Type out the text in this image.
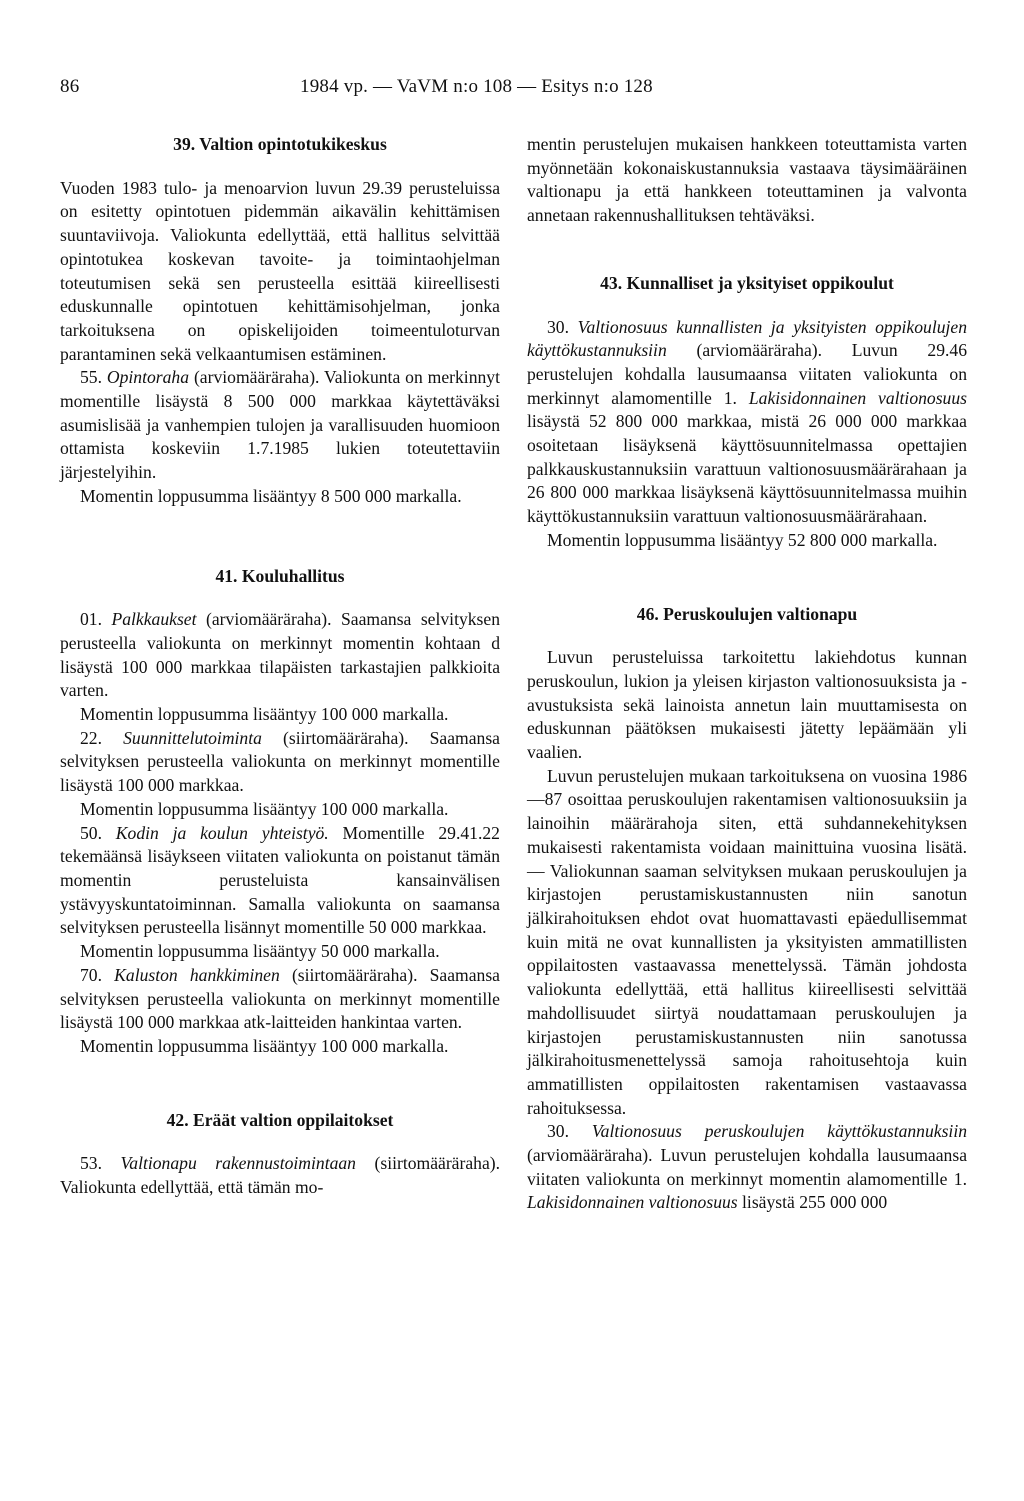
86	1984 vp. — VaVM n:o 108 — Esitys n:o 128
39. Valtion opintotukikeskus

Vuoden 1983 tulo- ja menoarvion luvun 29.39 perusteluissa on esitetty opintotuen pidemmän aikavälin kehittämisen suuntaviivoja. Valiokunta edellyttää, että hallitus selvittää opintotukea koskevan tavoite- ja toimintaohjelman toteutumisen sekä sen perusteella esittää kiireellisesti eduskunnalle opintotuen kehittämisohjelman, jonka tarkoituksena on opiskelijoiden toimeentuloturvan parantaminen sekä velkaantumisen estäminen.

55. Opintoraha (arviomääräraha). Valiokunta on merkinnyt momentille lisäystä 8 500 000 markkaa käytettäväksi asumislisää ja vanhempien tulojen ja varallisuuden huomioon ottamista koskeviin 1.7.1985 lukien toteutettaviin järjestelyihin.

Momentin loppusumma lisääntyy 8 500 000 markalla.

41. Kouluhallitus

01. Palkkaukset (arviomääräraha). Saamansa selvityksen perusteella valiokunta on merkinnyt momentin kohtaan d lisäystä 100 000 markkaa tilapäisten tarkastajien palkkioita varten.

Momentin loppusumma lisääntyy 100 000 markalla.

22. Suunnittelutoiminta (siirtomääräraha). Saamansa selvityksen perusteella valiokunta on merkinnyt momentille lisäystä 100 000 markkaa.

Momentin loppusumma lisääntyy 100 000 markalla.

50. Kodin ja koulun yhteistyö. Momentille 29.41.22 tekemäänsä lisäykseen viitaten valiokunta on poistanut tämän momentin perusteluista kansainvälisen ystävyyskuntatoiminnan. Samalla valiokunta on saamansa selvityksen perusteella lisännyt momentille 50 000 markkaa.

Momentin loppusumma lisääntyy 50 000 markalla.

70. Kaluston hankkiminen (siirtomääräraha). Saamansa selvityksen perusteella valiokunta on merkinnyt momentille lisäystä 100 000 markkaa atk-laitteiden hankintaa varten.

Momentin loppusumma lisääntyy 100 000 markalla.

42. Eräät valtion oppilaitokset

53. Valtionapu rakennustoimintaan (siirtomääräraha). Valiokunta edellyttää, että tämän mo-

mentin perustelujen mukaisen hankkeen toteuttamista varten myönnetään kokonaiskustannuksia vastaava täysimääräinen valtionapu ja että hankkeen toteuttaminen ja valvonta annetaan rakennushallituksen tehtäväksi.

43. Kunnalliset ja yksityiset oppikoulut

30. Valtionosuus kunnallisten ja yksityisten oppikoulujen käyttökustannuksiin (arviomääräraha). Luvun 29.46 perustelujen kohdalla lausumaansa viitaten valiokunta on merkinnyt alamomentille 1. Lakisidonnainen valtionosuus lisäystä 52 800 000 markkaa, mistä 26 000 000 markkaa osoitetaan lisäyksenä käyttösuunnitelmassa opettajien palkkauskustannuksiin varattuun valtionosuusmäärärahaan ja 26 800 000 markkaa lisäyksenä käyttösuunnitelmassa muihin käyttökustannuksiin varattuun valtionosuusmäärärahaan.

Momentin loppusumma lisääntyy 52 800 000 markalla.

46. Peruskoulujen valtionapu

Luvun perusteluissa tarkoitettu lakiehdotus kunnan peruskoulun, lukion ja yleisen kirjaston valtionosuuksista ja -avustuksista sekä lainoista annetun lain muuttamisesta on eduskunnan päätöksen mukaisesti jätetty lepäämään yli vaalien.

Luvun perustelujen mukaan tarkoituksena on vuosina 1986—87 osoittaa peruskoulujen rakentamisen valtionosuuksiin ja lainoihin määrärahoja siten, että suhdannekehityksen mukaisesti rakentamista voidaan mainittuina vuosina lisätä. — Valiokunnan saaman selvityksen mukaan peruskoulujen ja kirjastojen perustamiskustannusten niin sanotun jälkirahoituksen ehdot ovat huomattavasti epäedullisemmat kuin mitä ne ovat kunnallisten ja yksityisten ammatillisten oppilaitosten vastaavassa menettelyssä. Tämän johdosta valiokunta edellyttää, että hallitus kiireellisesti selvittää mahdollisuudet siirtyä noudattamaan peruskoulujen ja kirjastojen perustamiskustannusten niin sanotussa jälkirahoitusmenettelyssä samoja rahoitusehtoja kuin ammatillisten oppilaitosten rakentamisen vastaavassa rahoituksessa.

30. Valtionosuus peruskoulujen käyttökustannuksiin (arviomääräraha). Luvun perustelujen kohdalla lausumaansa viitaten valiokunta on merkinnyt momentin alamomentille 1. Lakisidonnainen valtionosuus lisäystä 255 000 000
